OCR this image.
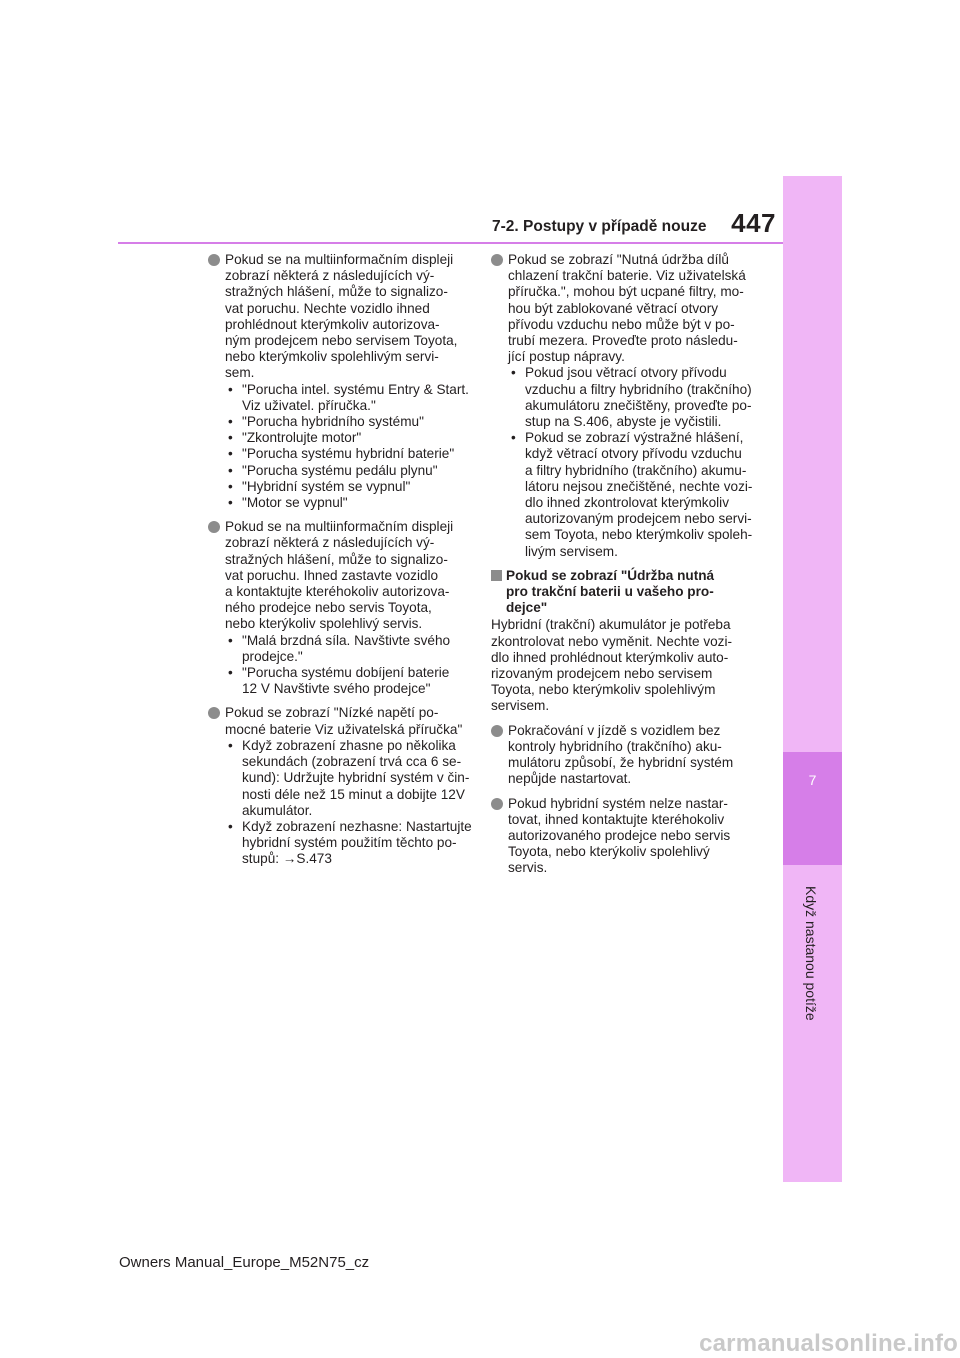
7
Když nastanou potíže
7-2. Postupy v případě nouze 447
Pokud se na multiinformačním displeji
zobrazí některá z následujících vý-
stražných hlášení, může to signalizo-
vat poruchu. Nechte vozidlo ihned
prohlédnout kterýmkoliv autorizova-
ným prodejcem nebo servisem Toyota,
nebo kterýmkoliv spolehlivým servi-
sem.
• "Porucha intel. systému Entry & Start.
Viz uživatel. příručka."
• "Porucha hybridního systému"
• "Zkontrolujte motor"
• "Porucha systému hybridní baterie"
• "Porucha systému pedálu plynu"
• "Hybridní systém se vypnul"
• "Motor se vypnul"
Pokud se na multiinformačním displeji
zobrazí některá z následujících vý-
stražných hlášení, může to signalizo-
vat poruchu. Ihned zastavte vozidlo
a kontaktujte kteréhokoliv autorizova-
ného prodejce nebo servis Toyota,
nebo kterýkoliv spolehlivý servis.
• "Malá brzdná síla. Navštivte svého
prodejce."
• "Porucha systému dobíjení baterie
12 V Navštivte svého prodejce"
Pokud se zobrazí "Nízké napětí po-
mocné baterie Viz uživatelská příručka"
• Když zobrazení zhasne po několika
sekundách (zobrazení trvá cca 6 se-
kund): Udržujte hybridní systém v čin-
nosti déle než 15 minut a dobijte 12V
akumulátor.
• Když zobrazení nezhasne: Nastartujte
hybridní systém použitím těchto po-
stupů: →S.473
Pokud se zobrazí "Nutná údržba dílů
chlazení trakční baterie. Viz uživatelská
příručka.", mohou být ucpané filtry, mo-
hou být zablokované větrací otvory
přívodu vzduchu nebo může být v po-
trubí mezera. Proveďte proto následu-
jící postup nápravy.
• Pokud jsou větrací otvory přívodu
vzduchu a filtry hybridního (trakčního)
akumulátoru znečištěny, proveďte po-
stup na S.406, abyste je vyčistili.
• Pokud se zobrazí výstražné hlášení,
když větrací otvory přívodu vzduchu
a filtry hybridního (trakčního) akumu-
látoru nejsou znečištěné, nechte vozi-
dlo ihned zkontrolovat kterýmkoliv
autorizovaným prodejcem nebo servi-
sem Toyota, nebo kterýmkoliv spoleh-
livým servisem.
Pokud se zobrazí "Údržba nutná
pro trakční baterii u vašeho pro-
dejce"
Hybridní (trakční) akumulátor je potřeba
zkontrolovat nebo vyměnit. Nechte vozi-
dlo ihned prohlédnout kterýmkoliv auto-
rizovaným prodejcem nebo servisem
Toyota, nebo kterýmkoliv spolehlivým
servisem.
Pokračování v jízdě s vozidlem bez
kontroly hybridního (trakčního) aku-
mulátoru způsobí, že hybridní systém
nepůjde nastartovat.
Pokud hybridní systém nelze nastar-
tovat, ihned kontaktujte kteréhokoliv
autorizovaného prodejce nebo servis
Toyota, nebo kterýkoliv spolehlivý
servis.
Owners Manual_Europe_M52N75_cz
carmanualsonline.info
